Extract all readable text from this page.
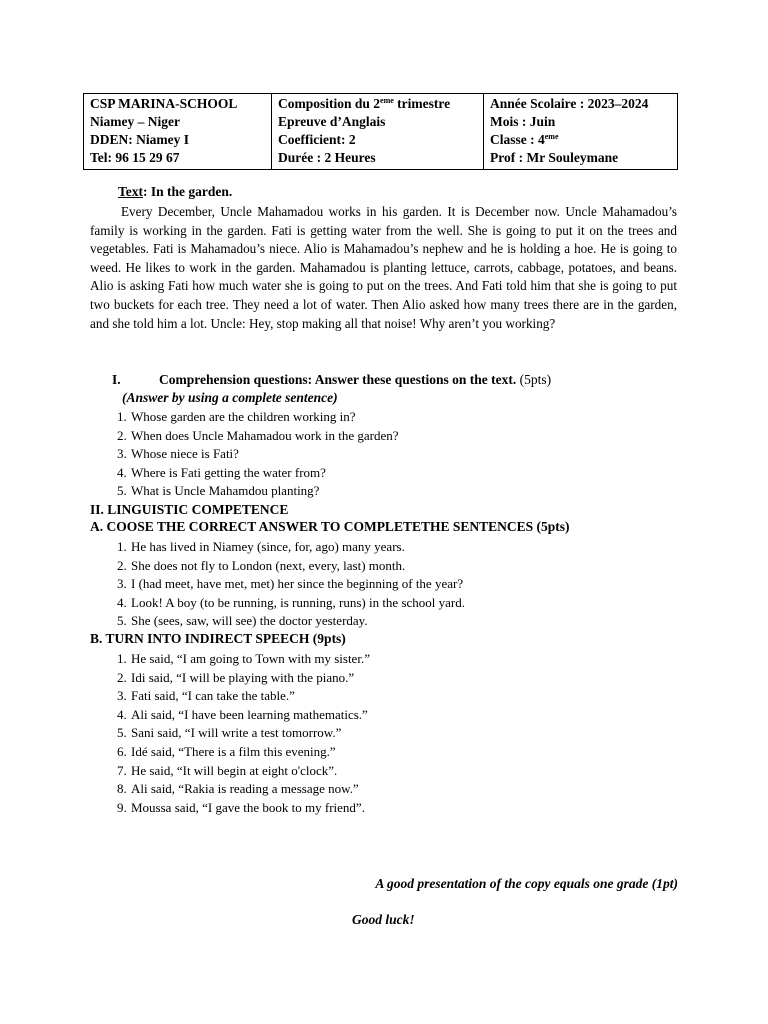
CSP MARINA-SCHOOL
Niamey – Niger
DDEN: Niamey I
Tel: 96 15 29 67

Composition du 2eme trimestre
Epreuve d’Anglais
Coefficient: 2
Durée : 2 Heures

Année Scolaire : 2023–2024
Mois : Juin
Classe : 4eme
Prof : Mr Souleymane
Text: In the garden.

Every December, Uncle Mahamadou works in his garden. It is December now. Uncle Mahamadou’s family is working in the garden. Fati is getting water from the well. She is going to put it on the trees and vegetables. Fati is Mahamadou’s niece. Alio is Mahamadou’s nephew and he is holding a hoe. He is going to weed. He likes to work in the garden. Mahamadou is planting lettuce, carrots, cabbage, potatoes, and beans. Alio is asking Fati how much water she is going to put on the trees. And Fati told him that she is going to put two buckets for each tree. They need a lot of water. Then Alio asked how many trees there are in the garden, and she told him a lot. Uncle: Hey, stop making all that noise! Why aren’t you working?

I.	Comprehension questions: Answer these questions on the text. (5pts)
(Answer by using a complete sentence)
1. Whose garden are the children working in?
2. When does Uncle Mahamadou work in the garden?
3. Whose niece is Fati?
4. Where is Fati getting the water from?
5. What is Uncle Mahamdou planting?
II. LINGUISTIC COMPETENCE
A. COOSE THE CORRECT ANSWER TO COMPLETETHE SENTENCES (5pts)
1. He has lived in Niamey (since, for, ago) many years.
2. She does not fly to London (next, every, last) month.
3. I (had meet, have met, met) her since the beginning of the year?
4. Look! A boy (to be running, is running, runs) in the school yard.
5. She (sees, saw, will see) the doctor yesterday.
B. TURN INTO INDIRECT SPEECH (9pts)
1. He said, “I am going to Town with my sister.”
2. Idi said, “I will be playing with the piano.”
3. Fati said, “I can take the table.”
4. Ali said, “I have been learning mathematics.”
5. Sani said, “I will write a test tomorrow.”
6. Idé said, “There is a film this evening.”
7. He said, “It will begin at eight o'clock”.
8. Ali said, “Rakia is reading a message now.”
9. Moussa said, “I gave the book to my friend”.
A good presentation of the copy equals one grade (1pt)
Good luck!
